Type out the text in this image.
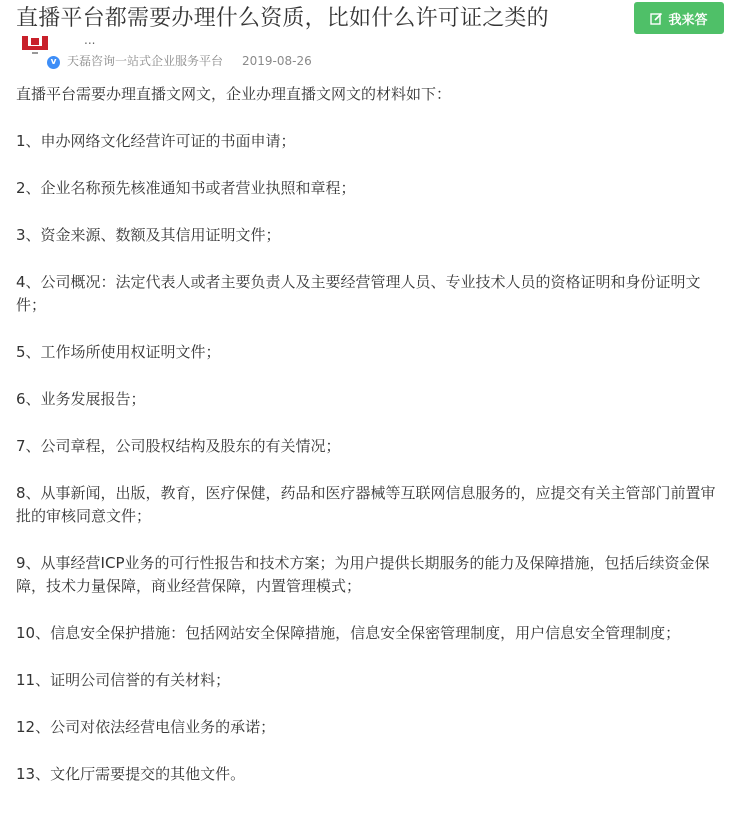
直播平台都需要办理什么资质，比如什么许可证之类的	我来答
v
...
天磊咨询一站式企业服务平台 2019-08-26

直播平台需要办理直播文网文，企业办理直播文网文的材料如下：

1、申办网络文化经营许可证的书面申请；

2、企业名称预先核准通知书或者营业执照和章程；

3、资金来源、数额及其信用证明文件；

4、公司概况：法定代表人或者主要负责人及主要经营管理人员、专业技术人员的资格证明和身份证明文件；

5、工作场所使用权证明文件；

6、业务发展报告；

7、公司章程，公司股权结构及股东的有关情况；

8、从事新闻，出版，教育，医疗保健，药品和医疗器械等互联网信息服务的，应提交有关主管部门前置审批的审核同意文件；

9、从事经营ICP业务的可行性报告和技术方案；为用户提供长期服务的能力及保障措施，包括后续资金保障，技术力量保障，商业经营保障，内置管理模式；

10、信息安全保护措施：包括网站安全保障措施，信息安全保密管理制度，用户信息安全管理制度；

11、证明公司信誉的有关材料；

12、公司对依法经营电信业务的承诺；

13、文化厅需要提交的其他文件。
